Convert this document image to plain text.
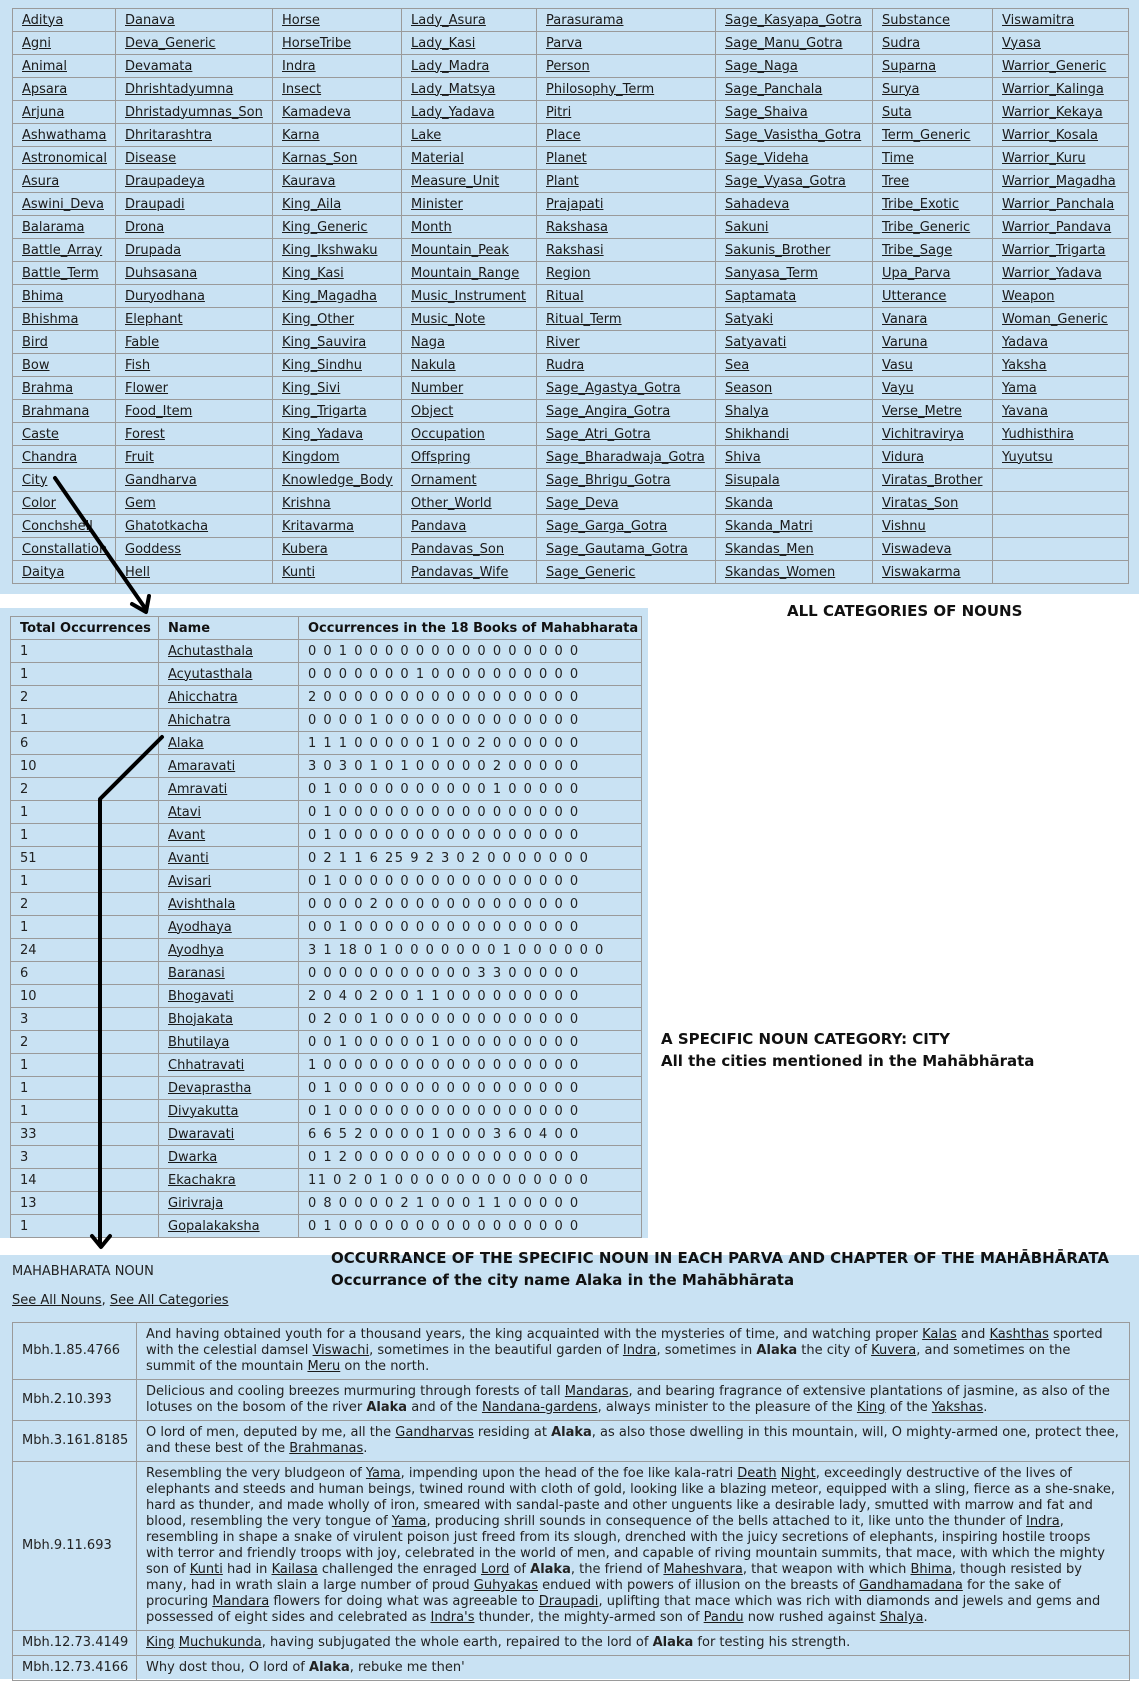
Aditya	Danava	Horse	Lady_Asura	Parasurama	Sage_Kasyapa_Gotra	Substance	Viswamitra
Agni	Deva_Generic	HorseTribe	Lady_Kasi	Parva	Sage_Manu_Gotra	Sudra	Vyasa
Animal	Devamata	Indra	Lady_Madra	Person	Sage_Naga	Suparna	Warrior_Generic
Apsara	Dhrishtadyumna	Insect	Lady_Matsya	Philosophy_Term	Sage_Panchala	Surya	Warrior_Kalinga
Arjuna	Dhristadyumnas_Son	Kamadeva	Lady_Yadava	Pitri	Sage_Shaiva	Suta	Warrior_Kekaya
Ashwathama	Dhritarashtra	Karna	Lake	Place	Sage_Vasistha_Gotra	Term_Generic	Warrior_Kosala
Astronomical	Disease	Karnas_Son	Material	Planet	Sage_Videha	Time	Warrior_Kuru
Asura	Draupadeya	Kaurava	Measure_Unit	Plant	Sage_Vyasa_Gotra	Tree	Warrior_Magadha
Aswini_Deva	Draupadi	King_Aila	Minister	Prajapati	Sahadeva	Tribe_Exotic	Warrior_Panchala
Balarama	Drona	King_Generic	Month	Rakshasa	Sakuni	Tribe_Generic	Warrior_Pandava
Battle_Array	Drupada	King_Ikshwaku	Mountain_Peak	Rakshasi	Sakunis_Brother	Tribe_Sage	Warrior_Trigarta
Battle_Term	Duhsasana	King_Kasi	Mountain_Range	Region	Sanyasa_Term	Upa_Parva	Warrior_Yadava
Bhima	Duryodhana	King_Magadha	Music_Instrument	Ritual	Saptamata	Utterance	Weapon
Bhishma	Elephant	King_Other	Music_Note	Ritual_Term	Satyaki	Vanara	Woman_Generic
Bird	Fable	King_Sauvira	Naga	River	Satyavati	Varuna	Yadava
Bow	Fish	King_Sindhu	Nakula	Rudra	Sea	Vasu	Yaksha
Brahma	Flower	King_Sivi	Number	Sage_Agastya_Gotra	Season	Vayu	Yama
Brahmana	Food_Item	King_Trigarta	Object	Sage_Angira_Gotra	Shalya	Verse_Metre	Yavana
Caste	Forest	King_Yadava	Occupation	Sage_Atri_Gotra	Shikhandi	Vichitravirya	Yudhisthira
Chandra	Fruit	Kingdom	Offspring	Sage_Bharadwaja_Gotra	Shiva	Vidura	Yuyutsu
City	Gandharva	Knowledge_Body	Ornament	Sage_Bhrigu_Gotra	Sisupala	Viratas_Brother	
Color	Gem	Krishna	Other_World	Sage_Deva	Skanda	Viratas_Son	
Conchshell	Ghatotkacha	Kritavarma	Pandava	Sage_Garga_Gotra	Skanda_Matri	Vishnu	
Constallation	Goddess	Kubera	Pandavas_Son	Sage_Gautama_Gotra	Skandas_Men	Viswadeva	
Daitya	Hell	Kunti	Pandavas_Wife	Sage_Generic	Skandas_Women	Viswakarma	
ALL CATEGORIES OF NOUNS
Total Occurrences	Name	Occurrences in the 18 Books of Mahabharata
1	Achutasthala	0 0 1 0 0 0 0 0 0 0 0 0 0 0 0 0 0 0
1	Acyutasthala	0 0 0 0 0 0 0 1 0 0 0 0 0 0 0 0 0 0
2	Ahicchatra	2 0 0 0 0 0 0 0 0 0 0 0 0 0 0 0 0 0
1	Ahichatra	0 0 0 0 1 0 0 0 0 0 0 0 0 0 0 0 0 0
6	Alaka	1 1 1 0 0 0 0 0 1 0 0 2 0 0 0 0 0 0
10	Amaravati	3 0 3 0 1 0 1 0 0 0 0 0 2 0 0 0 0 0
2	Amravati	0 1 0 0 0 0 0 0 0 0 0 0 1 0 0 0 0 0
1	Atavi	0 1 0 0 0 0 0 0 0 0 0 0 0 0 0 0 0 0
1	Avant	0 1 0 0 0 0 0 0 0 0 0 0 0 0 0 0 0 0
51	Avanti	0 2 1 1 6 25 9 2 3 0 2 0 0 0 0 0 0 0
1	Avisari	0 1 0 0 0 0 0 0 0 0 0 0 0 0 0 0 0 0
2	Avishthala	0 0 0 0 2 0 0 0 0 0 0 0 0 0 0 0 0 0
1	Ayodhaya	0 0 1 0 0 0 0 0 0 0 0 0 0 0 0 0 0 0
24	Ayodhya	3 1 18 0 1 0 0 0 0 0 0 0 1 0 0 0 0 0 0
6	Baranasi	0 0 0 0 0 0 0 0 0 0 0 3 3 0 0 0 0 0
10	Bhogavati	2 0 4 0 2 0 0 1 1 0 0 0 0 0 0 0 0 0
3	Bhojakata	0 2 0 0 1 0 0 0 0 0 0 0 0 0 0 0 0 0
2	Bhutilaya	0 0 1 0 0 0 0 0 1 0 0 0 0 0 0 0 0 0
1	Chhatravati	1 0 0 0 0 0 0 0 0 0 0 0 0 0 0 0 0 0
1	Devaprastha	0 1 0 0 0 0 0 0 0 0 0 0 0 0 0 0 0 0
1	Divyakutta	0 1 0 0 0 0 0 0 0 0 0 0 0 0 0 0 0 0
33	Dwaravati	6 6 5 2 0 0 0 0 1 0 0 0 3 6 0 4 0 0
3	Dwarka	0 1 2 0 0 0 0 0 0 0 0 0 0 0 0 0 0 0
14	Ekachakra	11 0 2 0 1 0 0 0 0 0 0 0 0 0 0 0 0 0
13	Girivraja	0 8 0 0 0 0 2 1 0 0 0 1 1 0 0 0 0 0
1	Gopalakaksha	0 1 0 0 0 0 0 0 0 0 0 0 0 0 0 0 0 0
A SPECIFIC NOUN CATEGORY: CITY
All the cities mentioned in the Mahābhārata
OCCURRANCE OF THE SPECIFIC NOUN IN EACH PARVA AND CHAPTER OF THE MAHĀBHĀRATA
Occurrance of the city name Alaka in the Mahābhārata
MAHABHARATA NOUN
See All Nouns, See All Categories
Mbh.1.85.4766	And having obtained youth for a thousand years, the king acquainted with the mysteries of time, and watching proper Kalas and Kashthas sported with the celestial damsel Viswachi, sometimes in the beautiful garden of Indra, sometimes in Alaka the city of Kuvera, and sometimes on the summit of the mountain Meru on the north.
Mbh.2.10.393	Delicious and cooling breezes murmuring through forests of tall Mandaras, and bearing fragrance of extensive plantations of jasmine, as also of the lotuses on the bosom of the river Alaka and of the Nandana-gardens, always minister to the pleasure of the King of the Yakshas.
Mbh.3.161.8185	O lord of men, deputed by me, all the Gandharvas residing at Alaka, as also those dwelling in this mountain, will, O mighty-armed one, protect thee, and these best of the Brahmanas.
Mbh.9.11.693	Resembling the very bludgeon of Yama, impending upon the head of the foe like kala-ratri Death Night, exceedingly destructive of the lives of elephants and steeds and human beings, twined round with cloth of gold, looking like a blazing meteor, equipped with a sling, fierce as a she-snake, hard as thunder, and made wholly of iron, smeared with sandal-paste and other unguents like a desirable lady, smutted with marrow and fat and blood, resembling the very tongue of Yama, producing shrill sounds in consequence of the bells attached to it, like unto the thunder of Indra, resembling in shape a snake of virulent poison just freed from its slough, drenched with the juicy secretions of elephants, inspiring hostile troops with terror and friendly troops with joy, celebrated in the world of men, and capable of riving mountain summits, that mace, with which the mighty son of Kunti had in Kailasa challenged the enraged Lord of Alaka, the friend of Maheshvara, that weapon with which Bhima, though resisted by many, had in wrath slain a large number of proud Guhyakas endued with powers of illusion on the breasts of Gandhamadana for the sake of procuring Mandara flowers for doing what was agreeable to Draupadi, uplifting that mace which was rich with diamonds and jewels and gems and possessed of eight sides and celebrated as Indra's thunder, the mighty-armed son of Pandu now rushed against Shalya.
Mbh.12.73.4149	King Muchukunda, having subjugated the whole earth, repaired to the lord of Alaka for testing his strength.
Mbh.12.73.4166	Why dost thou, O lord of Alaka, rebuke me then'
